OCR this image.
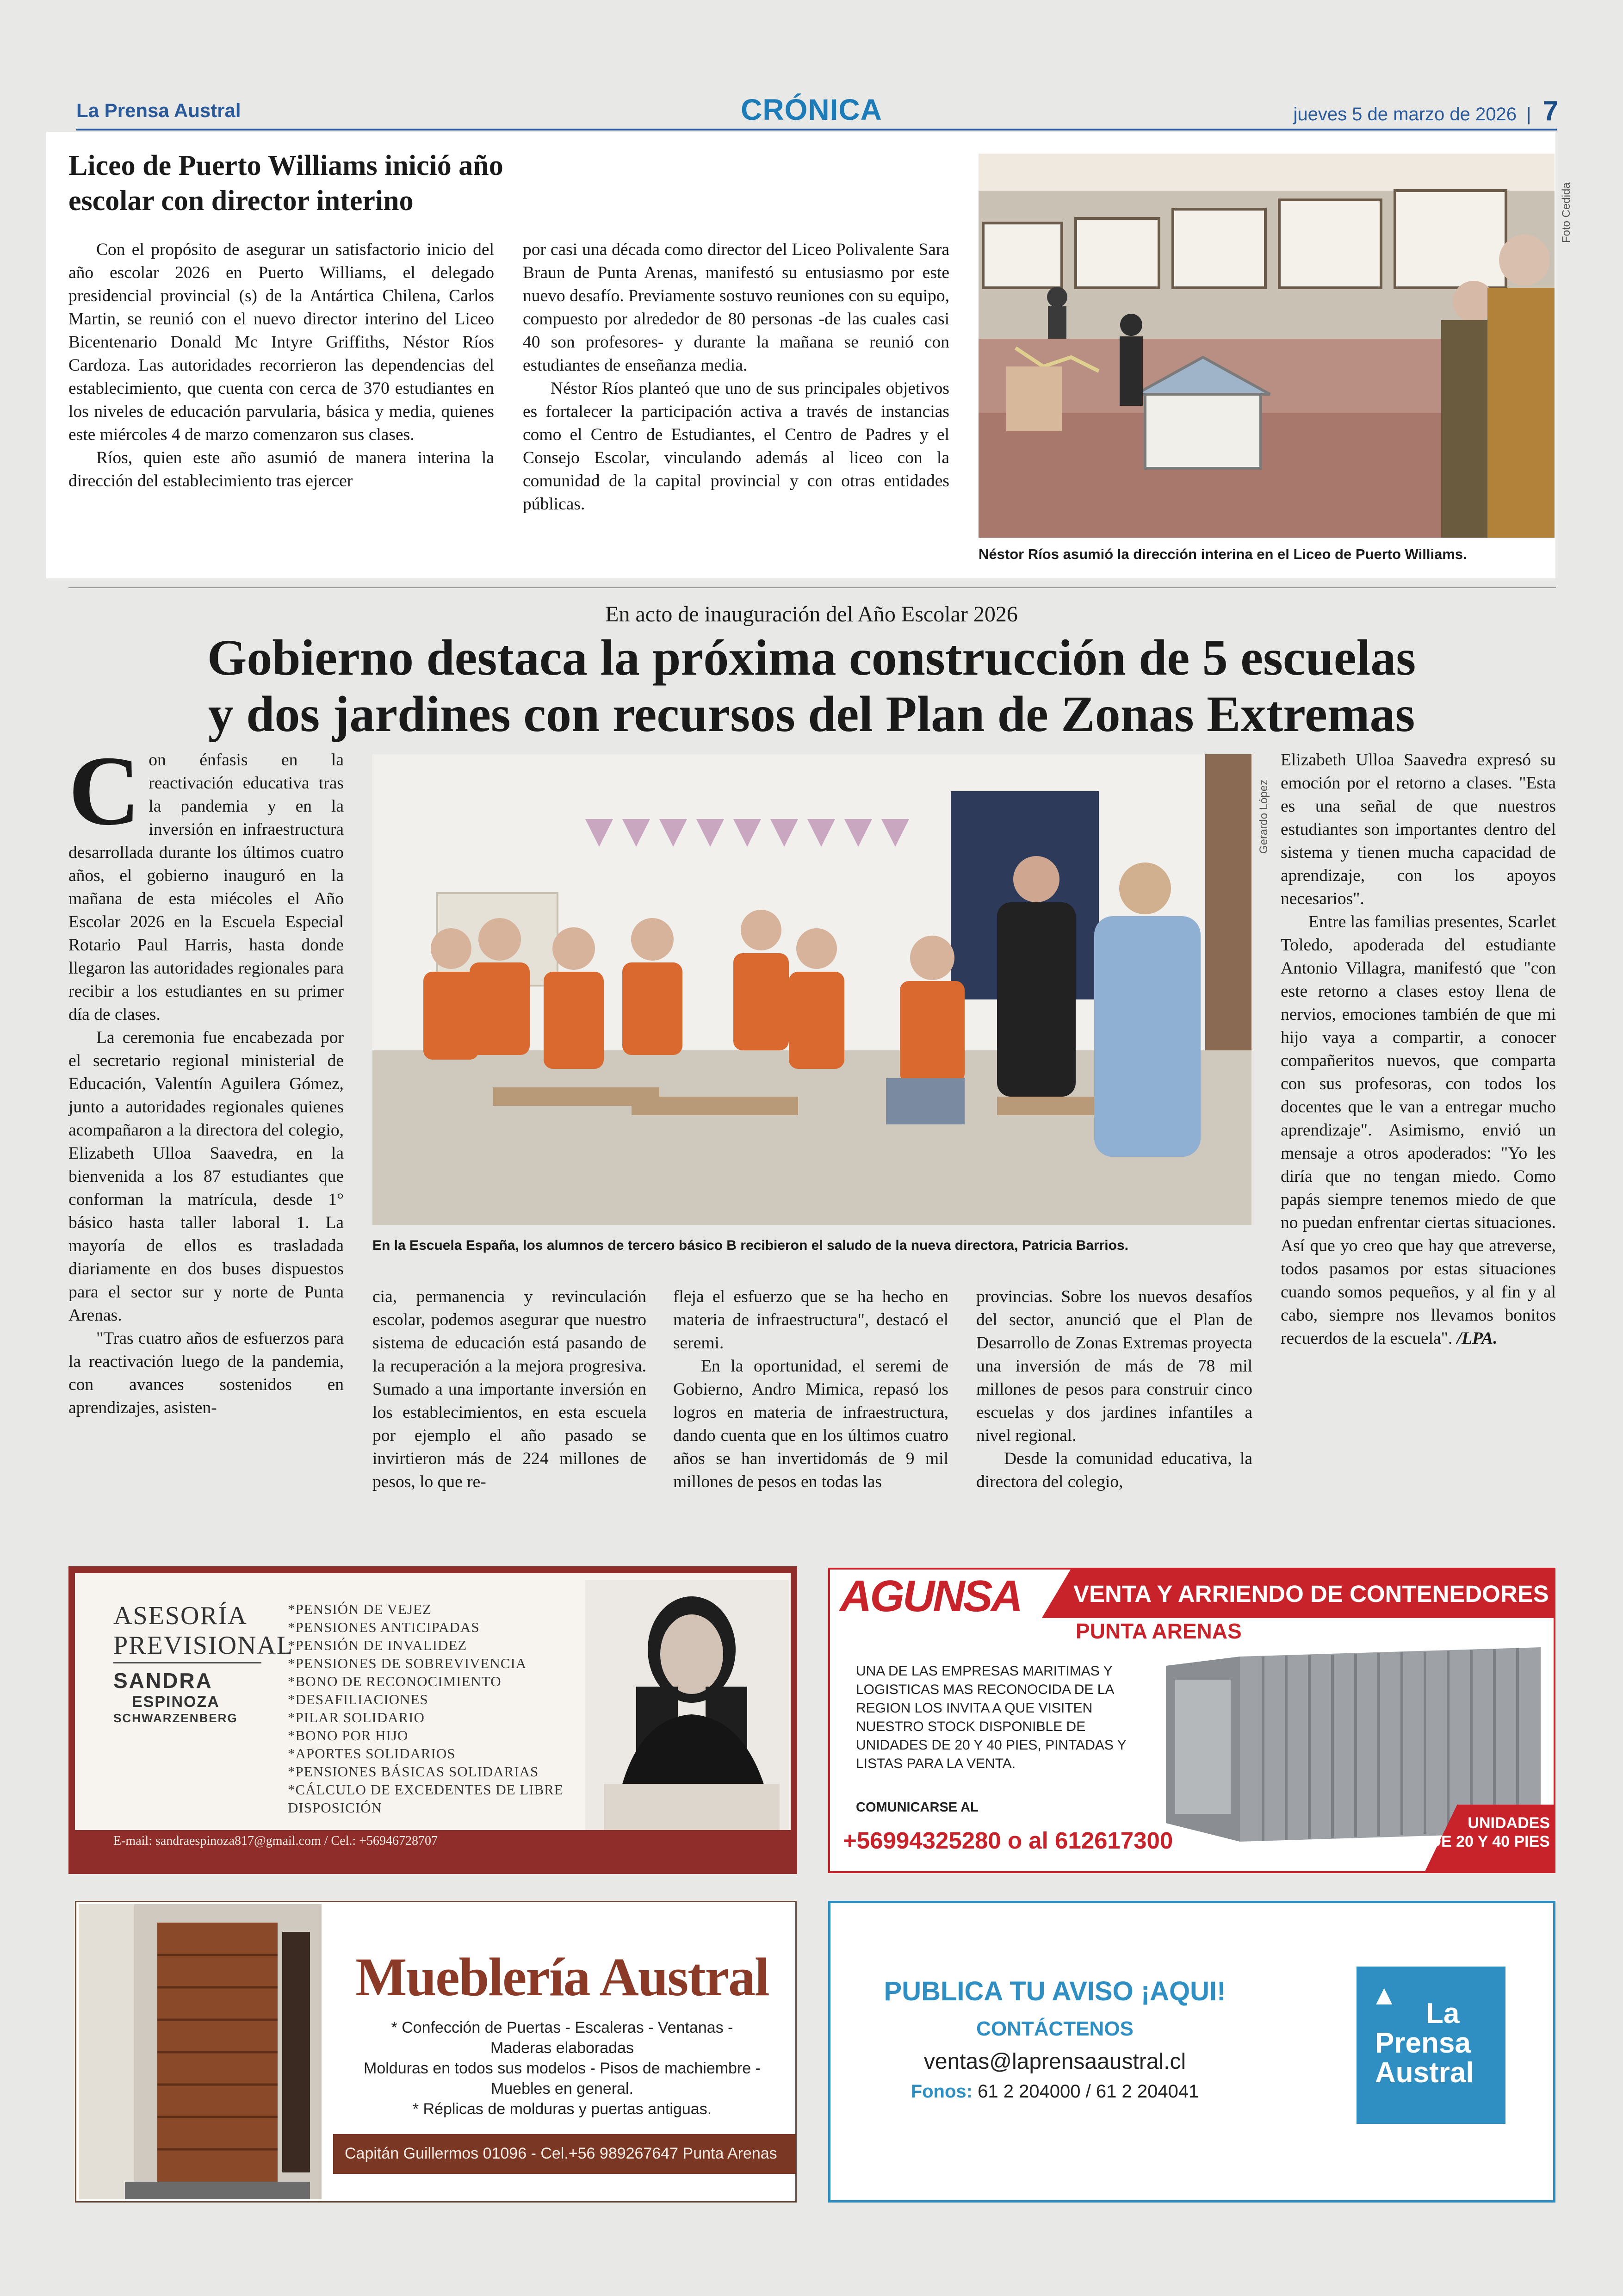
La Prensa Austral	CRÓNICA	jueves 5 de marzo de 2026 | 7
Liceo de Puerto Williams inició año escolar con director interino

Con el propósito de asegurar un satisfactorio inicio del año escolar 2026 en Puerto Williams, el delegado presidencial provincial (s) de la Antártica Chilena, Carlos Martin, se reunió con el nuevo director interino del Liceo Bicentenario Donald Mc Intyre Griffiths, Néstor Ríos Cardoza. Las autoridades recorrieron las dependencias del establecimiento, que cuenta con cerca de 370 estudiantes en los niveles de educación parvularia, básica y media, quienes este miércoles 4 de marzo comenzaron sus clases.

Ríos, quien este año asumió de manera interina la dirección del establecimiento tras ejercer

por casi una década como director del Liceo Polivalente Sara Braun de Punta Arenas, manifestó su entusiasmo por este nuevo desafío. Previamente sostuvo reuniones con su equipo, compuesto por alrededor de 80 personas -de las cuales casi 40 son profesores- y durante la mañana se reunió con estudiantes de enseñanza media.

Néstor Ríos planteó que uno de sus principales objetivos es fortalecer la participación activa a través de instancias como el Centro de Estudiantes, el Centro de Padres y el Consejo Escolar, vinculando además al liceo con la comunidad de la capital provincial y con otras entidades públicas.

Foto Cedida
Néstor Ríos asumió la dirección interina en el Liceo de Puerto Williams.
En acto de inauguración del Año Escolar 2026
Gobierno destaca la próxima construcción de 5 escuelas
y dos jardines con recursos del Plan de Zonas Extremas

Con énfasis en la reactivación educativa tras la pandemia y en la inversión en infraestructura desarrollada durante los últimos cuatro años, el gobierno inauguró en la mañana de esta miécoles el Año Escolar 2026 en la Escuela Especial Rotario Paul Harris, hasta donde llegaron las autoridades regionales para recibir a los estudiantes en su primer día de clases.

La ceremonia fue encabezada por el secretario regional ministerial de Educación, Valentín Aguilera Gómez, junto a autoridades regionales quienes acompañaron a la directora del colegio, Elizabeth Ulloa Saavedra, en la bienvenida a los 87 estudiantes que conforman la matrícula, desde 1° básico hasta taller laboral 1. La mayoría de ellos es trasladada diariamente en dos buses dispuestos para el sector sur y norte de Punta Arenas.

"Tras cuatro años de esfuerzos para la reactivación luego de la pandemia, con avances sostenidos en aprendizajes, asisten-

Gerardo López
En la Escuela España, los alumnos de tercero básico B recibieron el saludo de la nueva directora, Patricia Barrios.

cia, permanencia y revinculación escolar, podemos asegurar que nuestro sistema de educación está pasando de la recuperación a la mejora progresiva. Sumado a una importante inversión en los establecimientos, en esta escuela por ejemplo el año pasado se invirtieron más de 224 millones de pesos, lo que re-

fleja el esfuerzo que se ha hecho en materia de infraestructura", destacó el seremi.

En la oportunidad, el seremi de Gobierno, Andro Mimica, repasó los logros en materia de infraestructura, dando cuenta que en los últimos cuatro años se han invertidomás de 9 mil millones de pesos en todas las

provincias. Sobre los nuevos desafíos del sector, anunció que el Plan de Desarrollo de Zonas Extremas proyecta una inversión de más de 78 mil millones de pesos para construir cinco escuelas y dos jardines infantiles a nivel regional.

Desde la comunidad educativa, la directora del colegio,

Elizabeth Ulloa Saavedra expresó su emoción por el retorno a clases. "Esta es una señal de que nuestros estudiantes son importantes dentro del sistema y tienen mucha capacidad de aprendizaje, con los apoyos necesarios".

Entre las familias presentes, Scarlet Toledo, apoderada del estudiante Antonio Villagra, manifestó que "con este retorno a clases estoy llena de nervios, emociones también de que mi hijo vaya a compartir, a conocer compañeritos nuevos, que comparta con sus profesoras, con todos los docentes que le van a entregar mucho aprendizaje". Asimismo, envió un mensaje a otros apoderados: "Yo les diría que no tengan miedo. Como papás siempre tenemos miedo de que no puedan enfrentar ciertas situaciones. Así que yo creo que hay que atreverse, todos pasamos por estas situaciones cuando somos pequeños, y al fin y al cabo, siempre nos llevamos bonitos recuerdos de la escuela". /LPA.

ASESORÍA
PREVISIONAL
SANDRA
ESPINOZA
SCHWARZENBERG
*PENSIÓN DE VEJEZ
*PENSIONES ANTICIPADAS
*PENSIÓN DE INVALIDEZ
*PENSIONES DE SOBREVIVENCIA
*BONO DE RECONOCIMIENTO
*DESAFILIACIONES
*PILAR SOLIDARIO
*BONO POR HIJO
*APORTES SOLIDARIOS
*PENSIONES BÁSICAS SOLIDARIAS
*CÁLCULO DE EXCEDENTES DE LIBRE DISPOSICIÓN
E-mail: sandraespinoza817@gmail.com / Cel.: +56946728707
AGUNSA VENTA Y ARRIENDO DE CONTENEDORES
PUNTA ARENAS
UNA DE LAS EMPRESAS MARITIMAS Y LOGISTICAS MAS RECONOCIDA DE LA REGION LOS INVITA A QUE VISITEN NUESTRO STOCK DISPONIBLE DE UNIDADES DE 20 Y 40 PIES, PINTADAS Y LISTAS PARA LA VENTA.
COMUNICARSE AL
+56994325280 o al 612617300
UNIDADES
DE 20 Y 40 PIES
Mueblería Austral
* Confección de Puertas - Escaleras - Ventanas -
Maderas elaboradas
Molduras en todos sus modelos - Pisos de machiembre -
Muebles en general.
* Réplicas de molduras y puertas antiguas.
Capitán Guillermos 01096 - Cel.+56 989267647 Punta Arenas
PUBLICA TU AVISO ¡AQUI!
CONTÁCTENOS
ventas@laprensaaustral.cl
Fonos: 61 2 204000 / 61 2 204041
▲
La
Prensa
Austral
